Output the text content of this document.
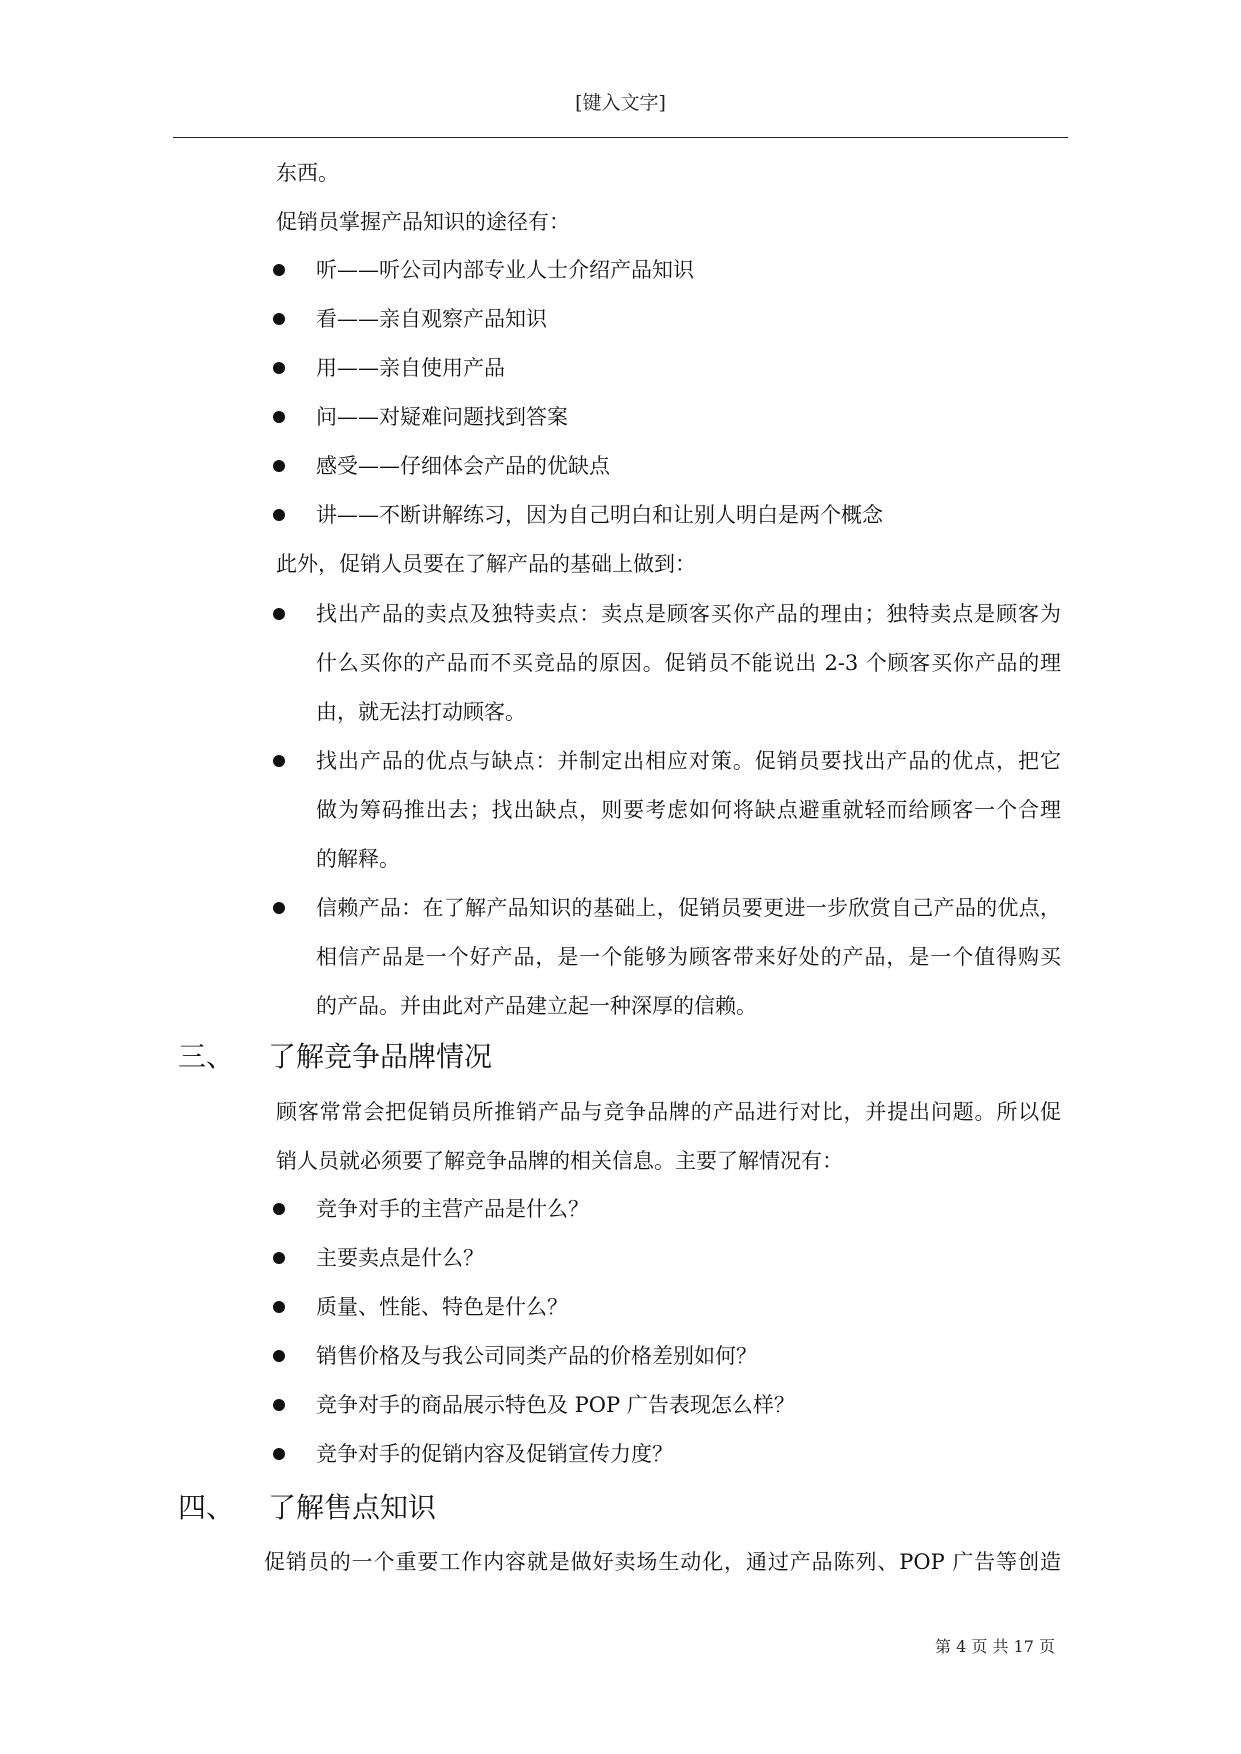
[键入文字]
东西。
促销员掌握产品知识的途径有：
听——听公司内部专业人士介绍产品知识
看——亲自观察产品知识
用——亲自使用产品
问——对疑难问题找到答案
感受——仔细体会产品的优缺点
讲——不断讲解练习，因为自己明白和让别人明白是两个概念
此外，促销人员要在了解产品的基础上做到：
找出产品的卖点及独特卖点：卖点是顾客买你产品的理由；独特卖点是顾客为
什么买你的产品而不买竞品的原因。促销员不能说出 2-3 个顾客买你产品的理
由，就无法打动顾客。
找出产品的优点与缺点：并制定出相应对策。促销员要找出产品的优点，把它
做为筹码推出去；找出缺点，则要考虑如何将缺点避重就轻而给顾客一个合理
的解释。
信赖产品：在了解产品知识的基础上，促销员要更进一步欣赏自己产品的优点，
相信产品是一个好产品，是一个能够为顾客带来好处的产品，是一个值得购买
的产品。并由此对产品建立起一种深厚的信赖。
三、 了解竞争品牌情况
顾客常常会把促销员所推销产品与竞争品牌的产品进行对比，并提出问题。所以促
销人员就必须要了解竞争品牌的相关信息。主要了解情况有：
竞争对手的主营产品是什么？
主要卖点是什么？
质量、性能、特色是什么？
销售价格及与我公司同类产品的价格差别如何？
竞争对手的商品展示特色及 POP 广告表现怎么样？
竞争对手的促销内容及促销宣传力度？
四、 了解售点知识
促销员的一个重要工作内容就是做好卖场生动化，通过产品陈列、POP 广告等创造
第 4 页 共 17 页
